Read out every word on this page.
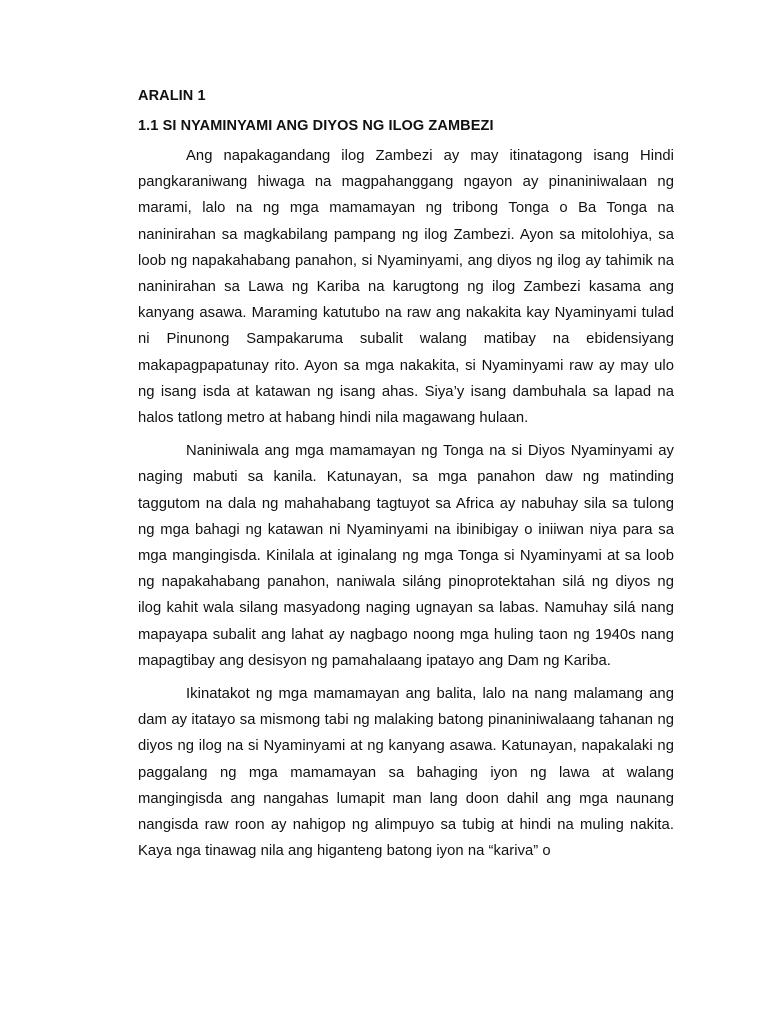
ARALIN 1
1.1 SI NYAMINYAMI ANG DIYOS NG ILOG ZAMBEZI

Ang napakagandang ilog Zambezi ay may itinatagong isang Hindi pangkaraniwang hiwaga na magpahanggang ngayon ay pinaniniwalaan ng marami, lalo na ng mga mamamayan ng tribong Tonga o Ba Tonga na naninirahan sa magkabilang pampang ng ilog Zambezi. Ayon sa mitolohiya, sa loob ng napakahabang panahon, si Nyaminyami, ang diyos ng ilog ay tahimik na naninirahan sa Lawa ng Kariba na karugtong ng ilog Zambezi kasama ang kanyang asawa. Maraming katutubo na raw ang nakakita kay Nyaminyami tulad ni Pinunong Sampakaruma subalit walang matibay na ebidensiyang makapagpapatunay rito. Ayon sa mga nakakita, si Nyaminyami raw ay may ulo ng isang isda at katawan ng isang ahas. Siya’y isang dambuhala sa lapad na halos tatlong metro at habang hindi nila magawang hulaan.

Naniniwala ang mga mamamayan ng Tonga na si Diyos Nyaminyami ay naging mabuti sa kanila. Katunayan, sa mga panahon daw ng matinding taggutom na dala ng mahahabang tagtuyot sa Africa ay nabuhay sila sa tulong ng mga bahagi ng katawan ni Nyaminyami na ibinibigay o iniiwan niya para sa mga mangingisda. Kinilala at iginalang ng mga Tonga si Nyaminyami at sa loob ng napakahabang panahon, naniwala siláng pinoprotektahan silá ng diyos ng ilog kahit wala silang masyadong naging ugnayan sa labas. Namuhay silá nang mapayapa subalit ang lahat ay nagbago noong mga huling taon ng 1940s nang mapagtibay ang desisyon ng pamahalaang ipatayo ang Dam ng Kariba.

Ikinatakot ng mga mamamayan ang balita, lalo na nang malamang ang dam ay itatayo sa mismong tabi ng malaking batong pinaniniwalaang tahanan ng diyos ng ilog na si Nyaminyami at ng kanyang asawa. Katunayan, napakalaki ng paggalang ng mga mamamayan sa bahaging iyon ng lawa at walang mangingisda ang nangahas lumapit man lang doon dahil ang mga naunang nangisda raw roon ay nahigop ng alimpuyo sa tubig at hindi na muling nakita. Kaya nga tinawag nila ang higanteng batong iyon na “kariva” o
